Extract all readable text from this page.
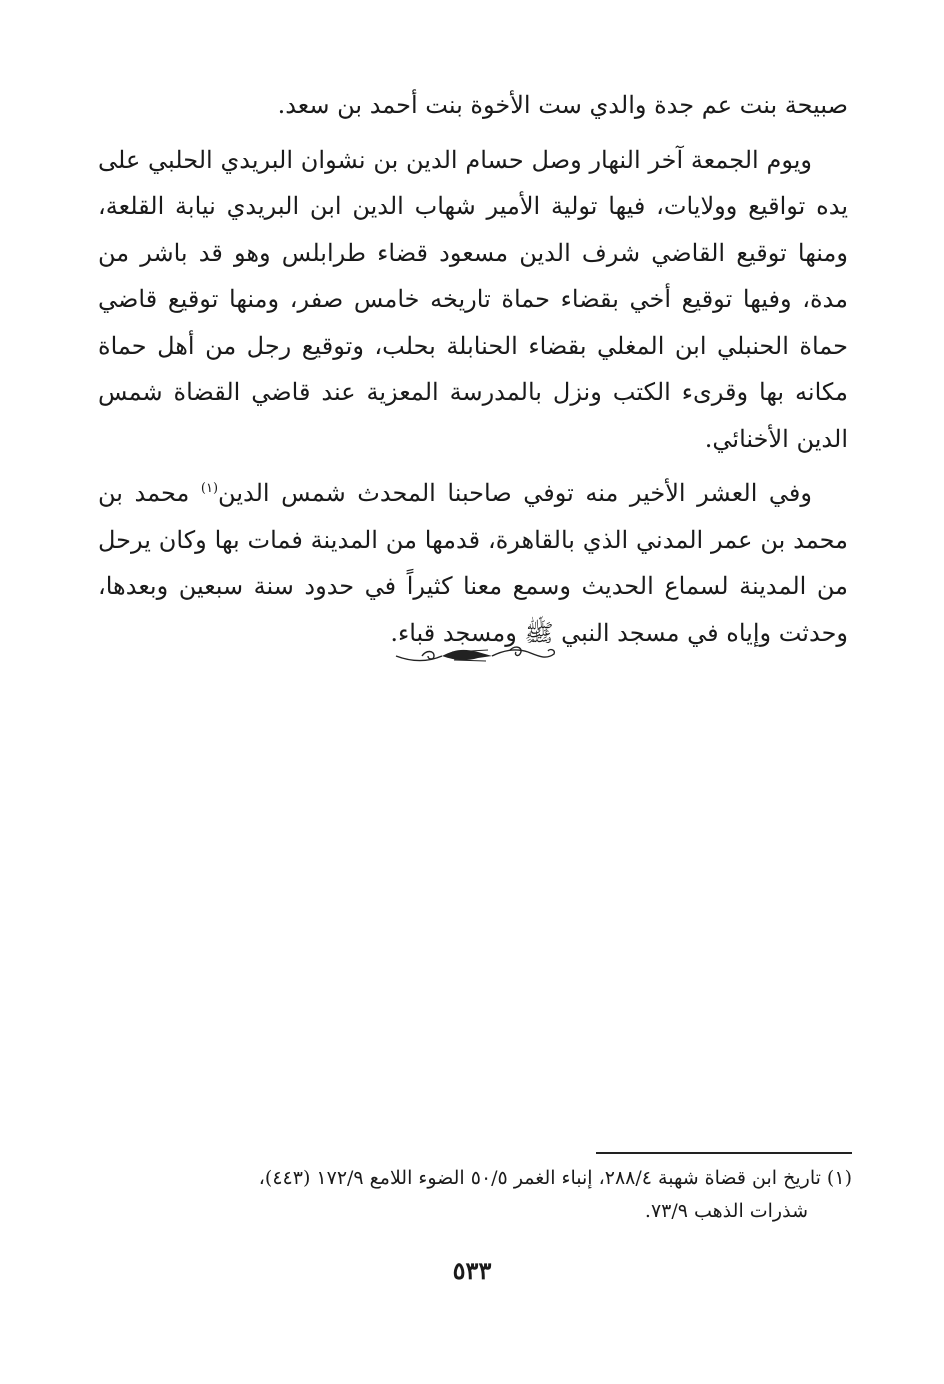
صبيحة بنت عم جدة والدي ست الأخوة بنت أحمد بن سعد.

ويوم الجمعة آخر النهار وصل حسام الدين بن نشوان البريدي الحلبي على يده تواقيع وولايات، فيها تولية الأمير شهاب الدين ابن البريدي نيابة القلعة، ومنها توقيع القاضي شرف الدين مسعود قضاء طرابلس وهو قد باشر من مدة، وفيها توقيع أخي بقضاء حماة تاريخه خامس صفر، ومنها توقيع قاضي حماة الحنبلي ابن المغلي بقضاء الحنابلة بحلب، وتوقيع رجل من أهل حماة مكانه بها وقرىء الكتب ونزل بالمدرسة المعزية عند قاضي القضاة شمس الدين الأخنائي.

وفي العشر الأخير منه توفي صاحبنا المحدث شمس الدين$^{(١)}$ محمد بن محمد بن عمر المدني الذي بالقاهرة، قدمها من المدينة فمات بها وكان يرحل من المدينة لسماع الحديث وسمع معنا كثيراً في حدود سنة سبعين وبعدها، وحدثت وإياه في مسجد النبي ﷺ ومسجد قباء.

(١) تاريخ ابن قضاة شهبة ٢٨٨/٤، إنباء الغمر ٥٠/٥ الضوء اللامع ١٧٢/٩ (٤٤٣)،
شذرات الذهب ٧٣/٩.
٥٣٣
